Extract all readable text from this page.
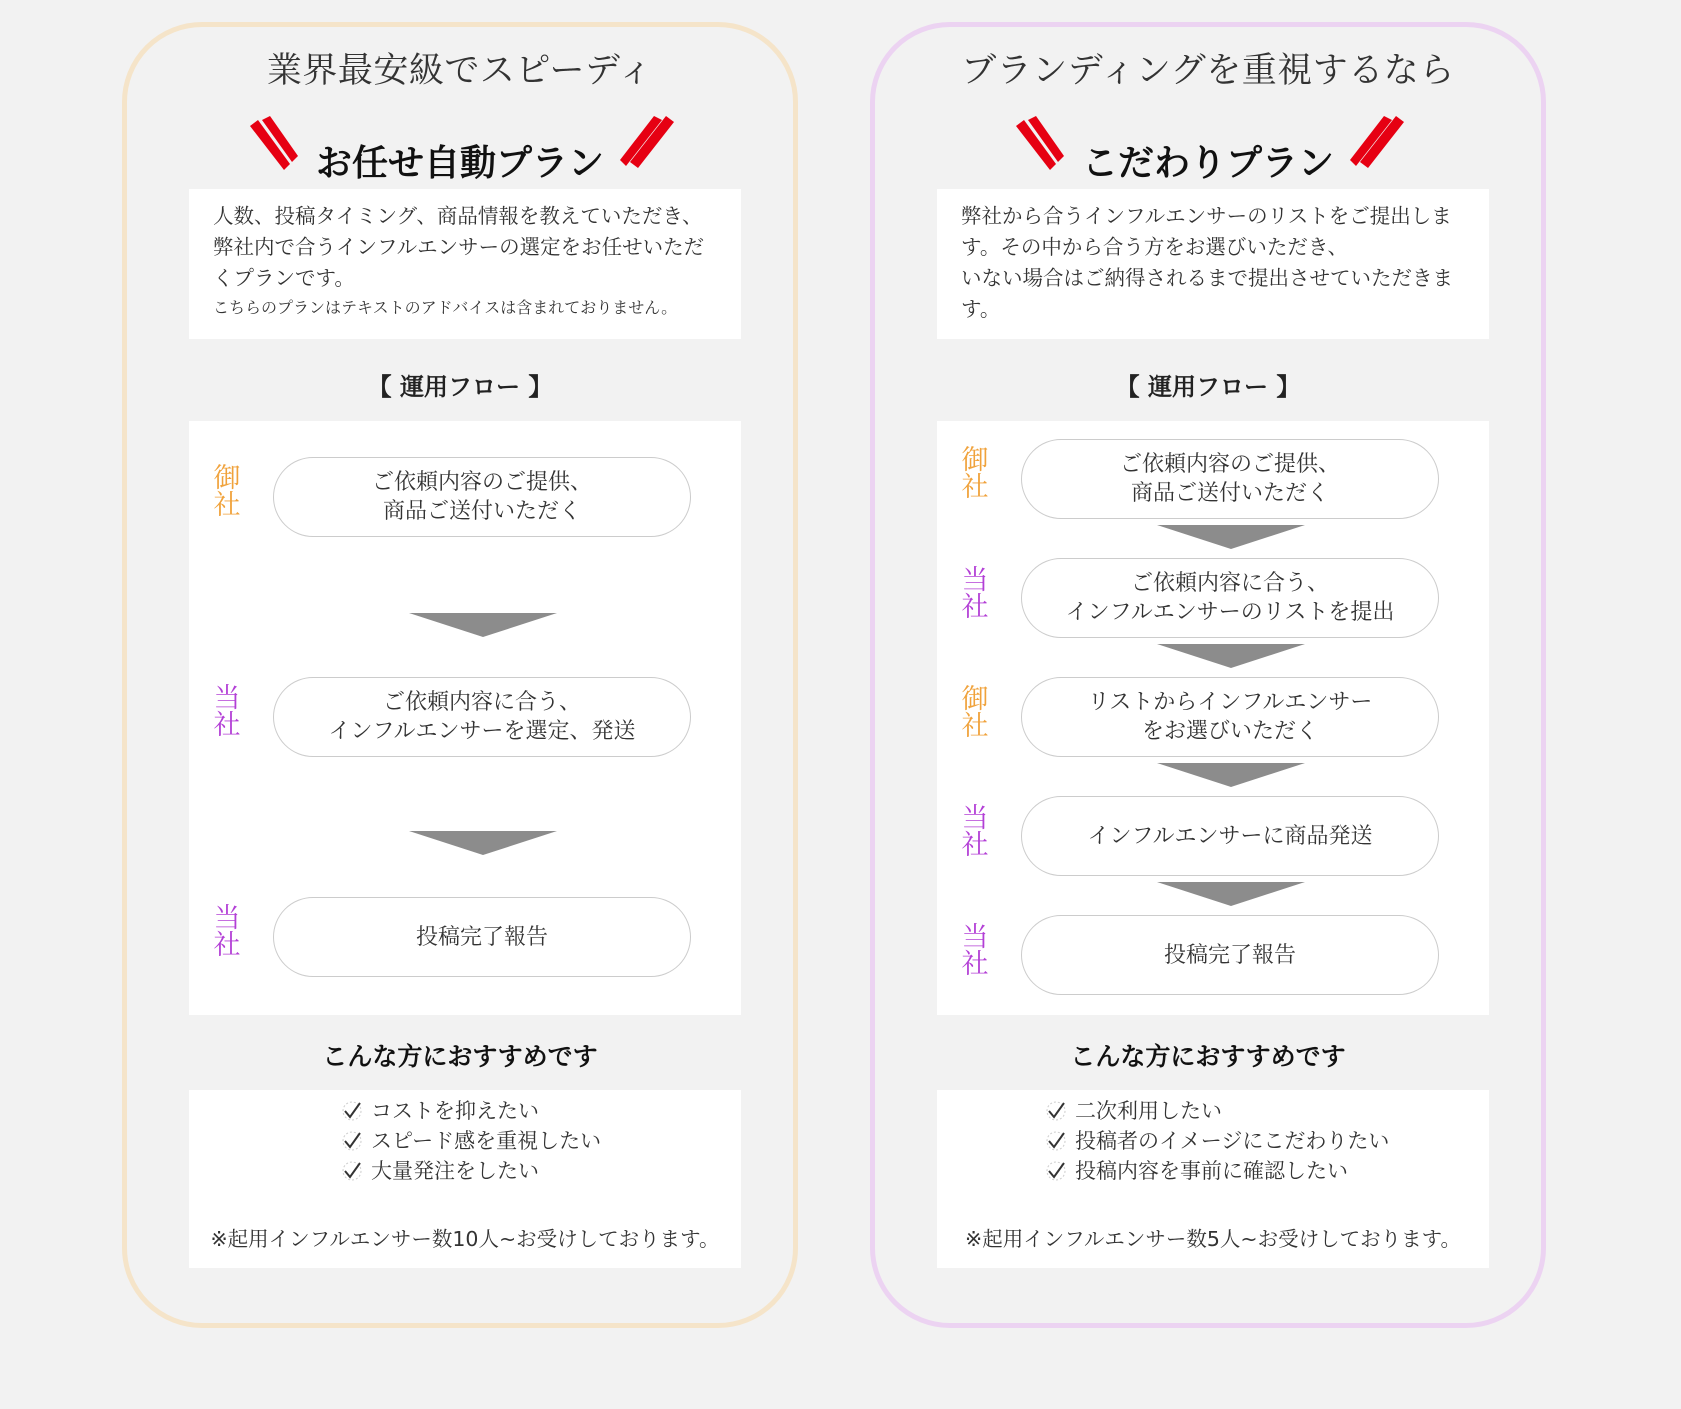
業界最安級でスピーディ
お任せ自動プラン
人数、投稿タイミング、商品情報を教えていただき、弊社内で合うインフルエンサーの選定をお任せいただくプランです。
こちらのプランはテキストのアドバイスは含まれておりません。
【 運用フロー 】
御社
ご依頼内容のご提供、
商品ご送付いただく
当社
ご依頼内容に合う、
インフルエンサーを選定、発送
当社	投稿完了報告
こんな方におすすめです
コストを抑えたい
スピード感を重視したい
大量発注をしたい
※起用インフルエンサー数10人~お受けしております。
ブランディングを重視するなら
こだわりプラン
弊社から合うインフルエンサーのリストをご提出します。その中から合う方をお選びいただき、
いない場合はご納得されるまで提出させていただきます。
【 運用フロー 】
御社
ご依頼内容のご提供、
商品ご送付いただく
当社
ご依頼内容に合う、
インフルエンサーのリストを提出
御社
リストからインフルエンサー
をお選びいただく
当社	インフルエンサーに商品発送
当社	投稿完了報告
こんな方におすすめです
二次利用したい
投稿者のイメージにこだわりたい
投稿内容を事前に確認したい
※起用インフルエンサー数5人~お受けしております。
